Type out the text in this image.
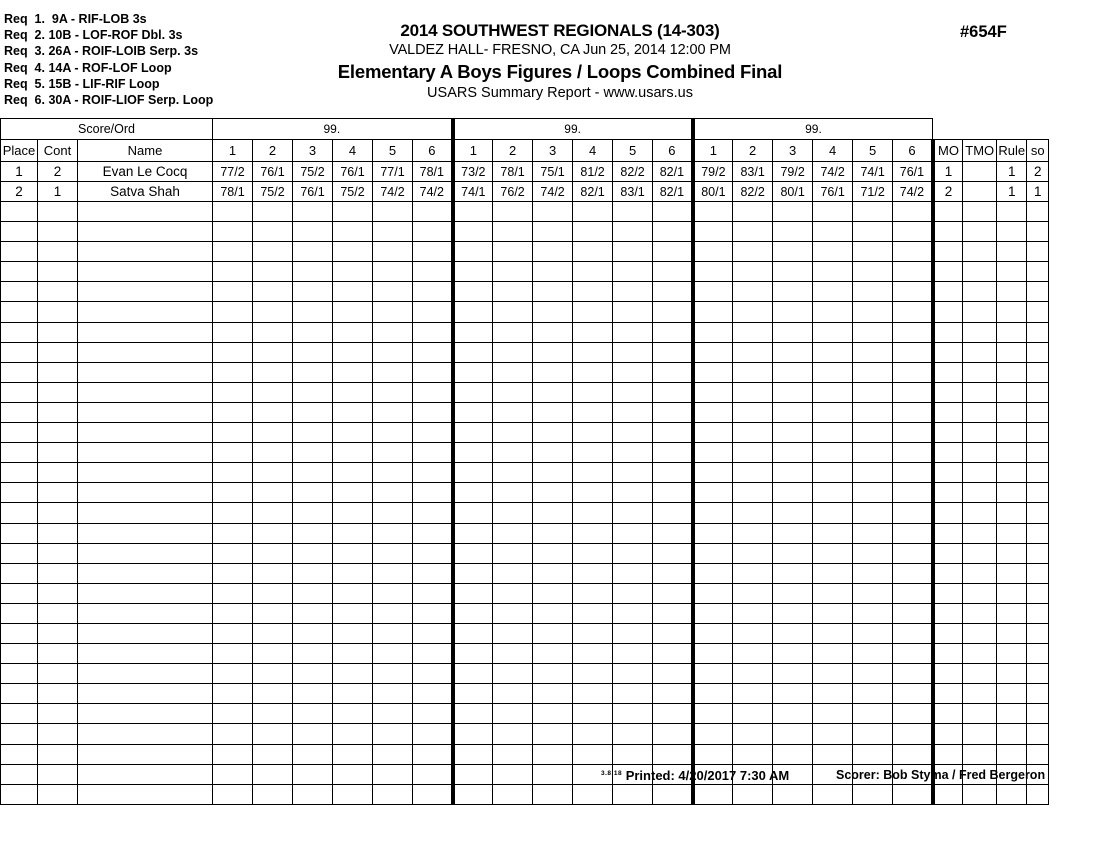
Req  1.  9A - RIF-LOB 3s
Req  2. 10B - LOF-ROF Dbl. 3s
Req  3. 26A - ROIF-LOIB Serp. 3s
Req  4. 14A - ROF-LOF Loop
Req  5. 15B - LIF-RIF Loop
Req  6. 30A - ROIF-LIOF Serp. Loop
2014 SOUTHWEST REGIONALS (14-303)
VALDEZ HALL- FRESNO, CA Jun 25, 2014 12:00 PM
Elementary A Boys Figures / Loops Combined Final
USARS Summary Report - www.usars.us
#654F
Score/Ord			99.						99.						99.									
Place	Cont	Name	1	2	3	4	5	6	1	2	3	4	5	6	1	2	3	4	5	6	MO	TMO	Rule	so
1	2	Evan Le Cocq	77/2	76/1	75/2	76/1	77/1	78/1	73/2	78/1	75/1	81/2	82/2	82/1	79/2	83/1	79/2	74/2	74/1	76/1	1		1	2
2	1	Satva Shah	78/1	75/2	76/1	75/2	74/2	74/2	74/1	76/2	74/2	82/1	83/1	82/1	80/1	82/2	80/1	76/1	71/2	74/2	2		1	1

$^{3.8.18}$ Printed: 4/20/2017 7:30 AM	Scorer: Bob Styma / Fred Bergeron
